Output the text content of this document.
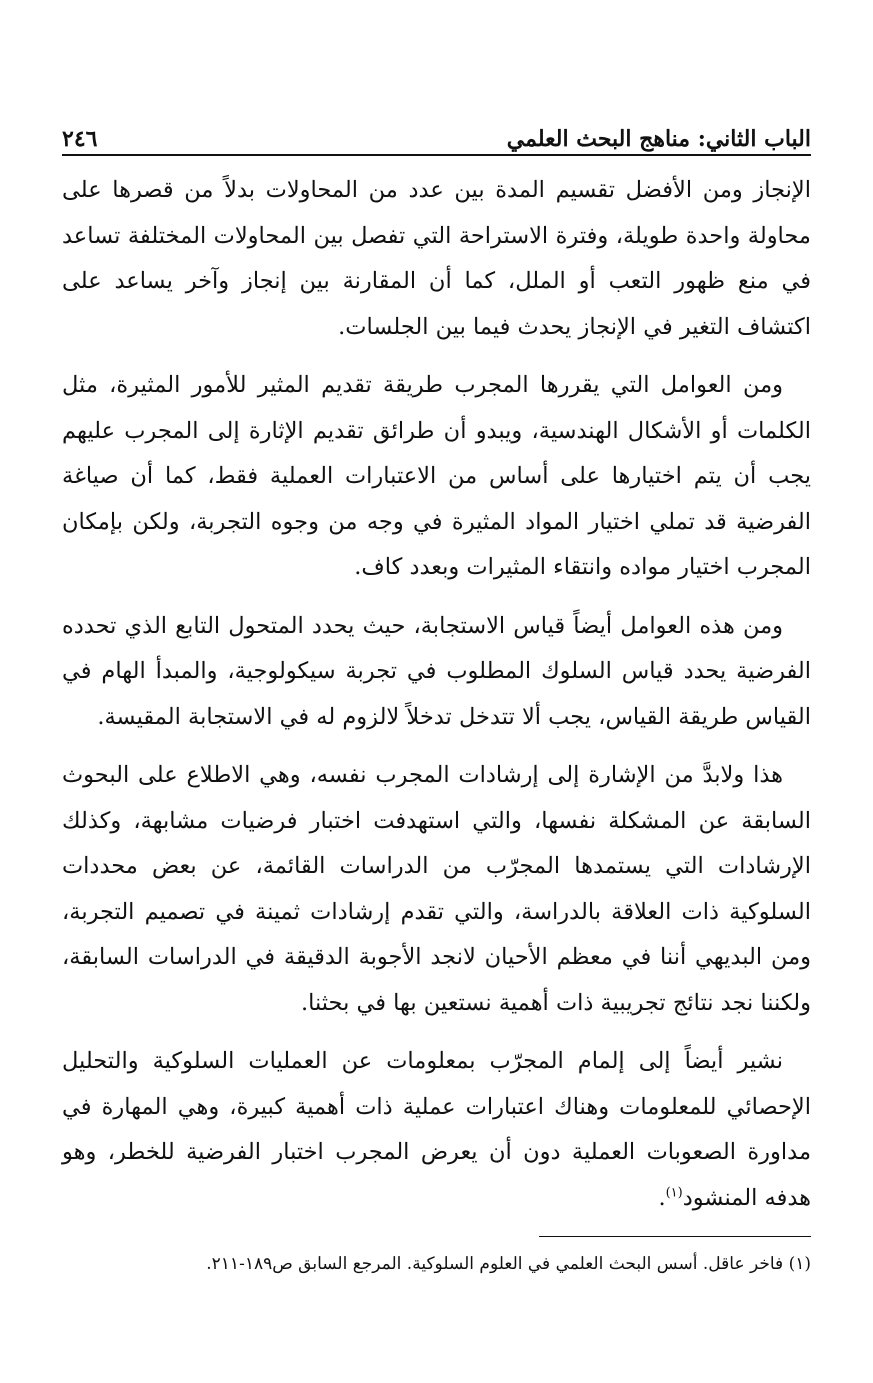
الباب الثاني: مناهج البحث العلمي
٢٤٦

الإنجاز ومن الأفضل تقسيم المدة بين عدد من المحاولات بدلاً من قصرها على محاولة واحدة طويلة، وفترة الاستراحة التي تفصل بين المحاولات المختلفة تساعد في منع ظهور التعب أو الملل، كما أن المقارنة بين إنجاز وآخر يساعد على اكتشاف التغير في الإنجاز يحدث فيما بين الجلسات.

ومن العوامل التي يقررها المجرب طريقة تقديم المثير للأمور المثيرة، مثل الكلمات أو الأشكال الهندسية، ويبدو أن طرائق تقديم الإثارة إلى المجرب عليهم يجب أن يتم اختيارها على أساس من الاعتبارات العملية فقط، كما أن صياغة الفرضية قد تملي اختيار المواد المثيرة في وجه من وجوه التجربة، ولكن بإمكان المجرب اختيار مواده وانتقاء المثيرات وبعدد كاف.

ومن هذه العوامل أيضاً قياس الاستجابة، حيث يحدد المتحول التابع الذي تحدده الفرضية يحدد قياس السلوك المطلوب في تجربة سيكولوجية، والمبدأ الهام في القياس طريقة القياس، يجب ألا تتدخل تدخلاً لالزوم له في الاستجابة المقيسة.

هذا ولابدَّ من الإشارة إلى إرشادات المجرب نفسه، وهي الاطلاع على البحوث السابقة عن المشكلة نفسها، والتي استهدفت اختبار فرضيات مشابهة، وكذلك الإرشادات التي يستمدها المجرّب من الدراسات القائمة، عن بعض محددات السلوكية ذات العلاقة بالدراسة، والتي تقدم إرشادات ثمينة في تصميم التجربة، ومن البديهي أننا في معظم الأحيان لانجد الأجوبة الدقيقة في الدراسات السابقة، ولكننا نجد نتائج تجريبية ذات أهمية نستعين بها في بحثنا.

نشير أيضاً إلى إلمام المجرّب بمعلومات عن العمليات السلوكية والتحليل الإحصائي للمعلومات وهناك اعتبارات عملية ذات أهمية كبيرة، وهي المهارة في مداورة الصعوبات العملية دون أن يعرض المجرب اختبار الفرضية للخطر، وهو هدفه المنشود$^{(١)}$.

(١) فاخر عاقل. أسس البحث العلمي في العلوم السلوكية. المرجع السابق ص١٨٩-٢١١.
